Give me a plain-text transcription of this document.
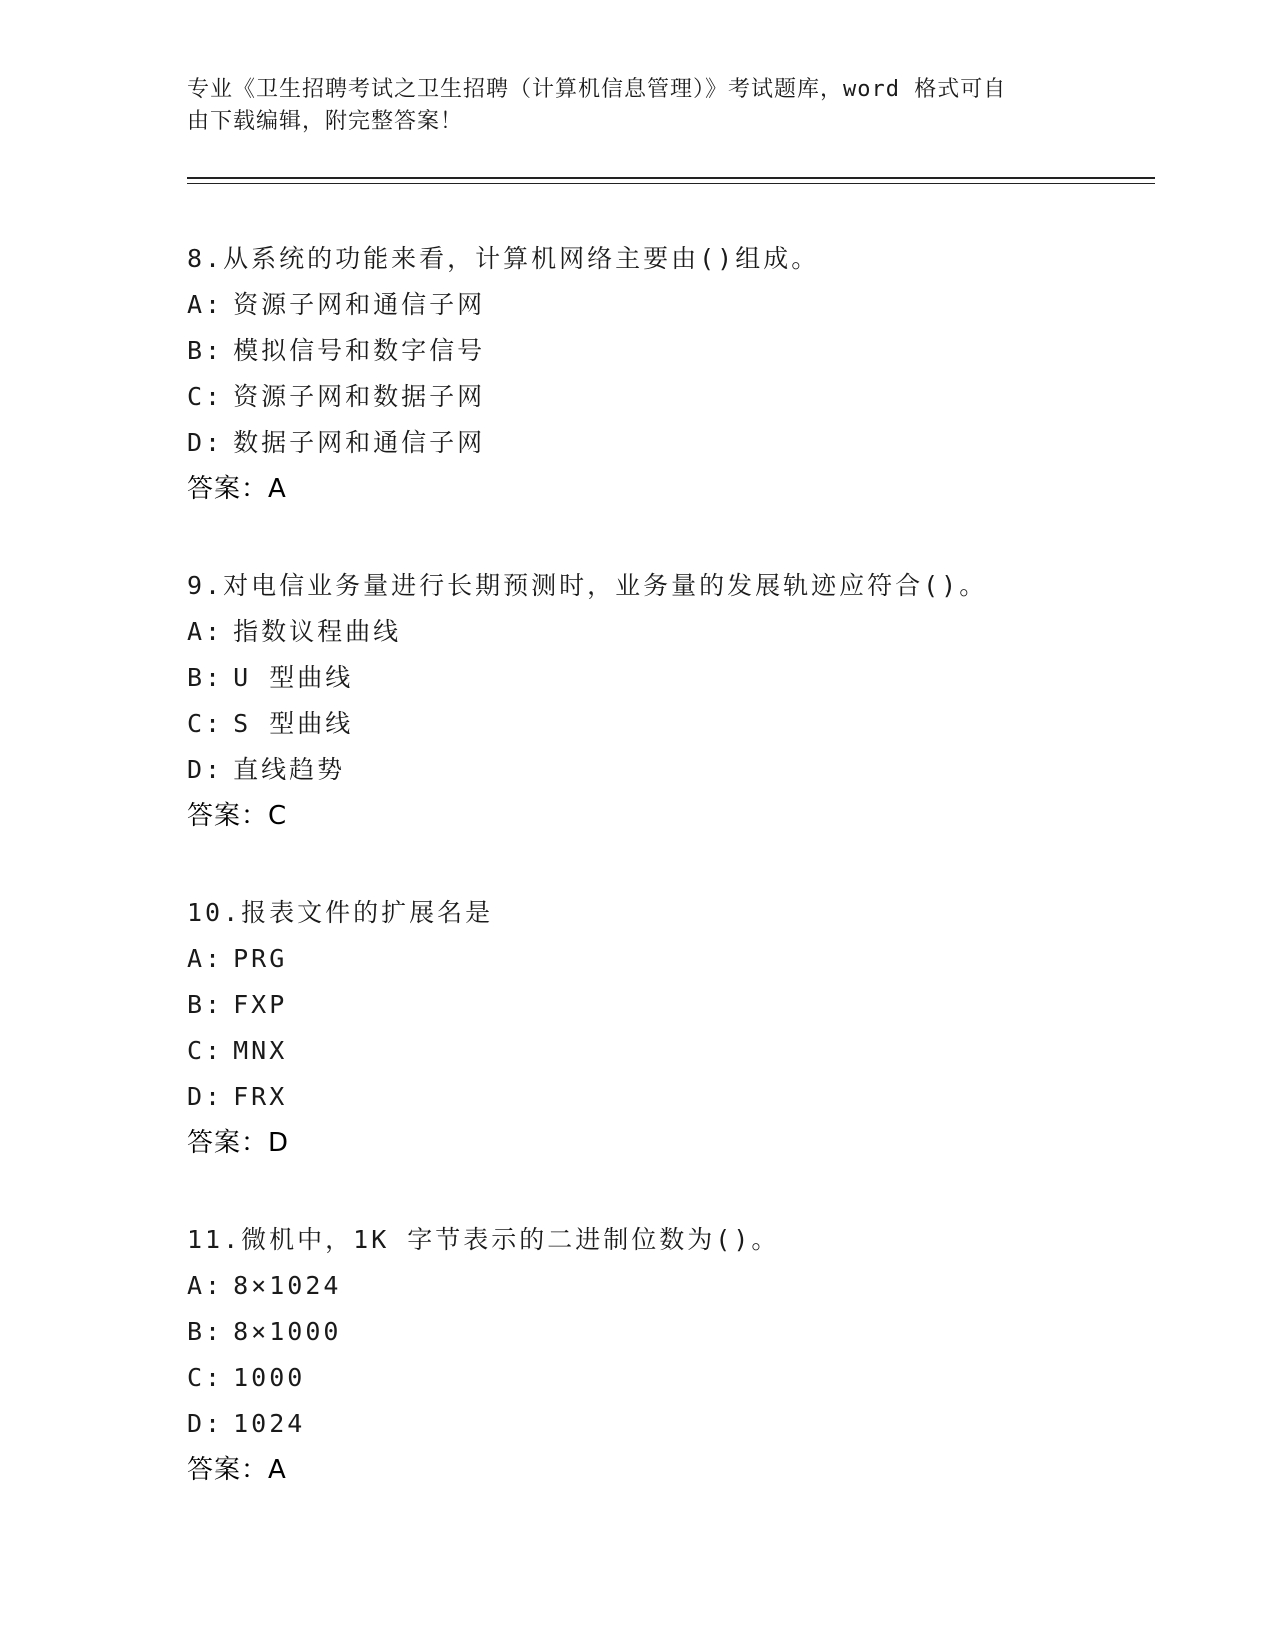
专业《卫生招聘考试之卫生招聘（计算机信息管理）》考试题库，word 格式可自
由下载编辑，附完整答案！
8.从系统的功能来看，计算机网络主要由()组成。
A: 资源子网和通信子网
B: 模拟信号和数字信号
C: 资源子网和数据子网
D: 数据子网和通信子网
答案：A
9.对电信业务量进行长期预测时，业务量的发展轨迹应符合()。
A: 指数议程曲线
B: U 型曲线
C: S 型曲线
D: 直线趋势
答案：C
10.报表文件的扩展名是
A: PRG
B: FXP
C: MNX
D: FRX
答案：D
11.微机中，1K 字节表示的二进制位数为()。
A: 8×1024
B: 8×1000
C: 1000
D: 1024
答案：A
